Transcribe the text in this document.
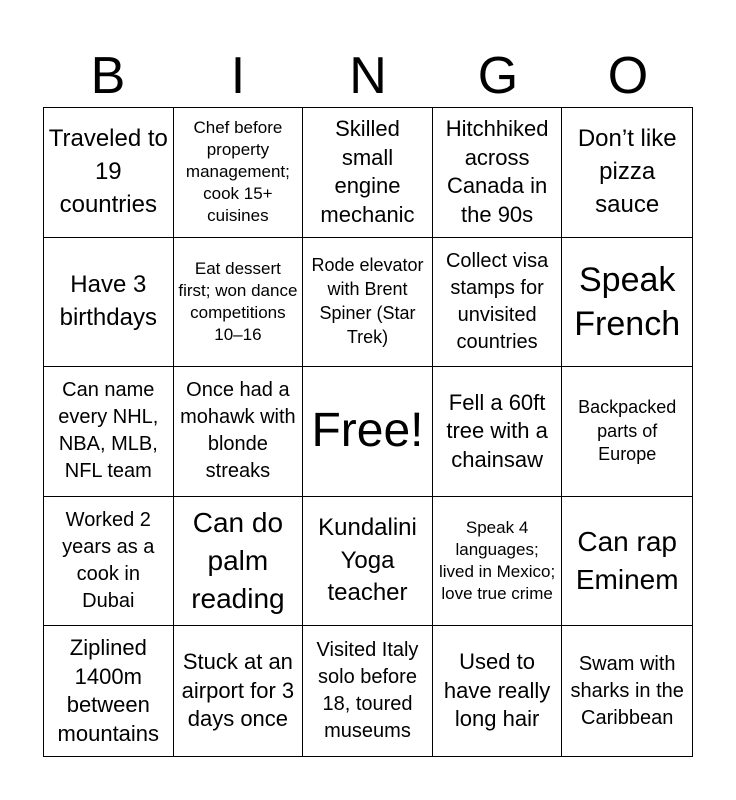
B	I	N	G	O
Traveled to 19 countries
Chef before property management; cook 15+ cuisines
Skilled small engine mechanic
Hitchhiked across Canada in the 90s
Don’t like pizza sauce
Have 3 birthdays
Eat dessert first; won dance competitions 10–16
Rode elevator with Brent Spiner (Star Trek)
Collect visa stamps for unvisited countries
Speak French
Can name every NHL, NBA, MLB, NFL team
Once had a mohawk with blonde streaks
Free!
Fell a 60ft tree with a chainsaw
Backpacked parts of Europe
Worked 2 years as a cook in Dubai
Can do palm reading
Kundalini Yoga teacher
Speak 4 languages; lived in Mexico; love true crime
Can rap Eminem
Ziplined 1400m between mountains
Stuck at an airport for 3 days once
Visited Italy solo before 18, toured museums
Used to have really long hair
Swam with sharks in the Caribbean
